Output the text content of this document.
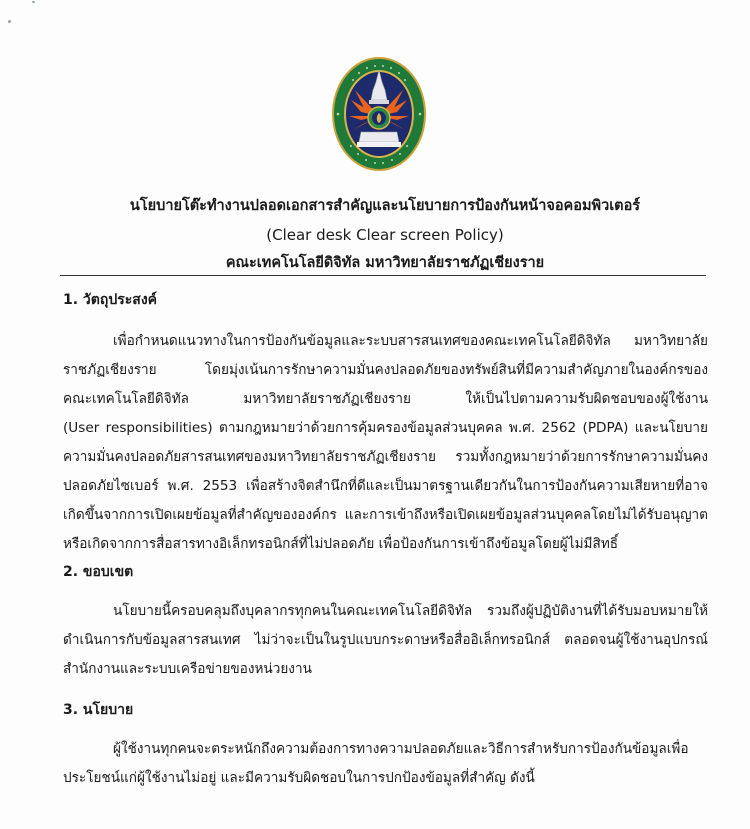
นโยบายโต๊ะทำงานปลอดเอกสารสำคัญและนโยบายการป้องกันหน้าจอคอมพิวเตอร์
(Clear desk Clear screen Policy)
คณะเทคโนโลยีดิจิทัล มหาวิทยาลัยราชภัฏเชียงราย
1. วัตถุประสงค์
เพื่อกำหนดแนวทางในการป้องกันข้อมูลและระบบสารสนเทศของคณะเทคโนโลยีดิจิทัล มหาวิทยาลัย
ราชภัฏเชียงราย โดยมุ่งเน้นการรักษาความมั่นคงปลอดภัยของทรัพย์สินที่มีความสำคัญภายในองค์กรของ
คณะเทคโนโลยีดิจิทัล มหาวิทยาลัยราชภัฏเชียงราย ให้เป็นไปตามความรับผิดชอบของผู้ใช้งาน
(User responsibilities) ตามกฎหมายว่าด้วยการคุ้มครองข้อมูลส่วนบุคคล พ.ศ. 2562 (PDPA) และนโยบาย
ความมั่นคงปลอดภัยสารสนเทศของมหาวิทยาลัยราชภัฏเชียงราย รวมทั้งกฎหมายว่าด้วยการรักษาความมั่นคง
ปลอดภัยไซเบอร์ พ.ศ. 2553 เพื่อสร้างจิตสำนึกที่ดีและเป็นมาตรฐานเดียวกันในการป้องกันความเสียหายที่อาจ
เกิดขึ้นจากการเปิดเผยข้อมูลที่สำคัญขององค์กร และการเข้าถึงหรือเปิดเผยข้อมูลส่วนบุคคลโดยไม่ได้รับอนุญาต
หรือเกิดจากการสื่อสารทางอิเล็กทรอนิกส์ที่ไม่ปลอดภัย เพื่อป้องกันการเข้าถึงข้อมูลโดยผู้ไม่มีสิทธิ์
2. ขอบเขต
นโยบายนี้ครอบคลุมถึงบุคลากรทุกคนในคณะเทคโนโลยีดิจิทัล รวมถึงผู้ปฏิบัติงานที่ได้รับมอบหมายให้
ดำเนินการกับข้อมูลสารสนเทศ ไม่ว่าจะเป็นในรูปแบบกระดาษหรือสื่ออิเล็กทรอนิกส์ ตลอดจนผู้ใช้งานอุปกรณ์
สำนักงานและระบบเครือข่ายของหน่วยงาน
3. นโยบาย
ผู้ใช้งานทุกคนจะตระหนักถึงความต้องการทางความปลอดภัยและวิธีการสำหรับการป้องกันข้อมูลเพื่อ
ประโยชน์แก่ผู้ใช้งานไม่อยู่ และมีความรับผิดชอบในการปกป้องข้อมูลที่สำคัญ ดังนี้
